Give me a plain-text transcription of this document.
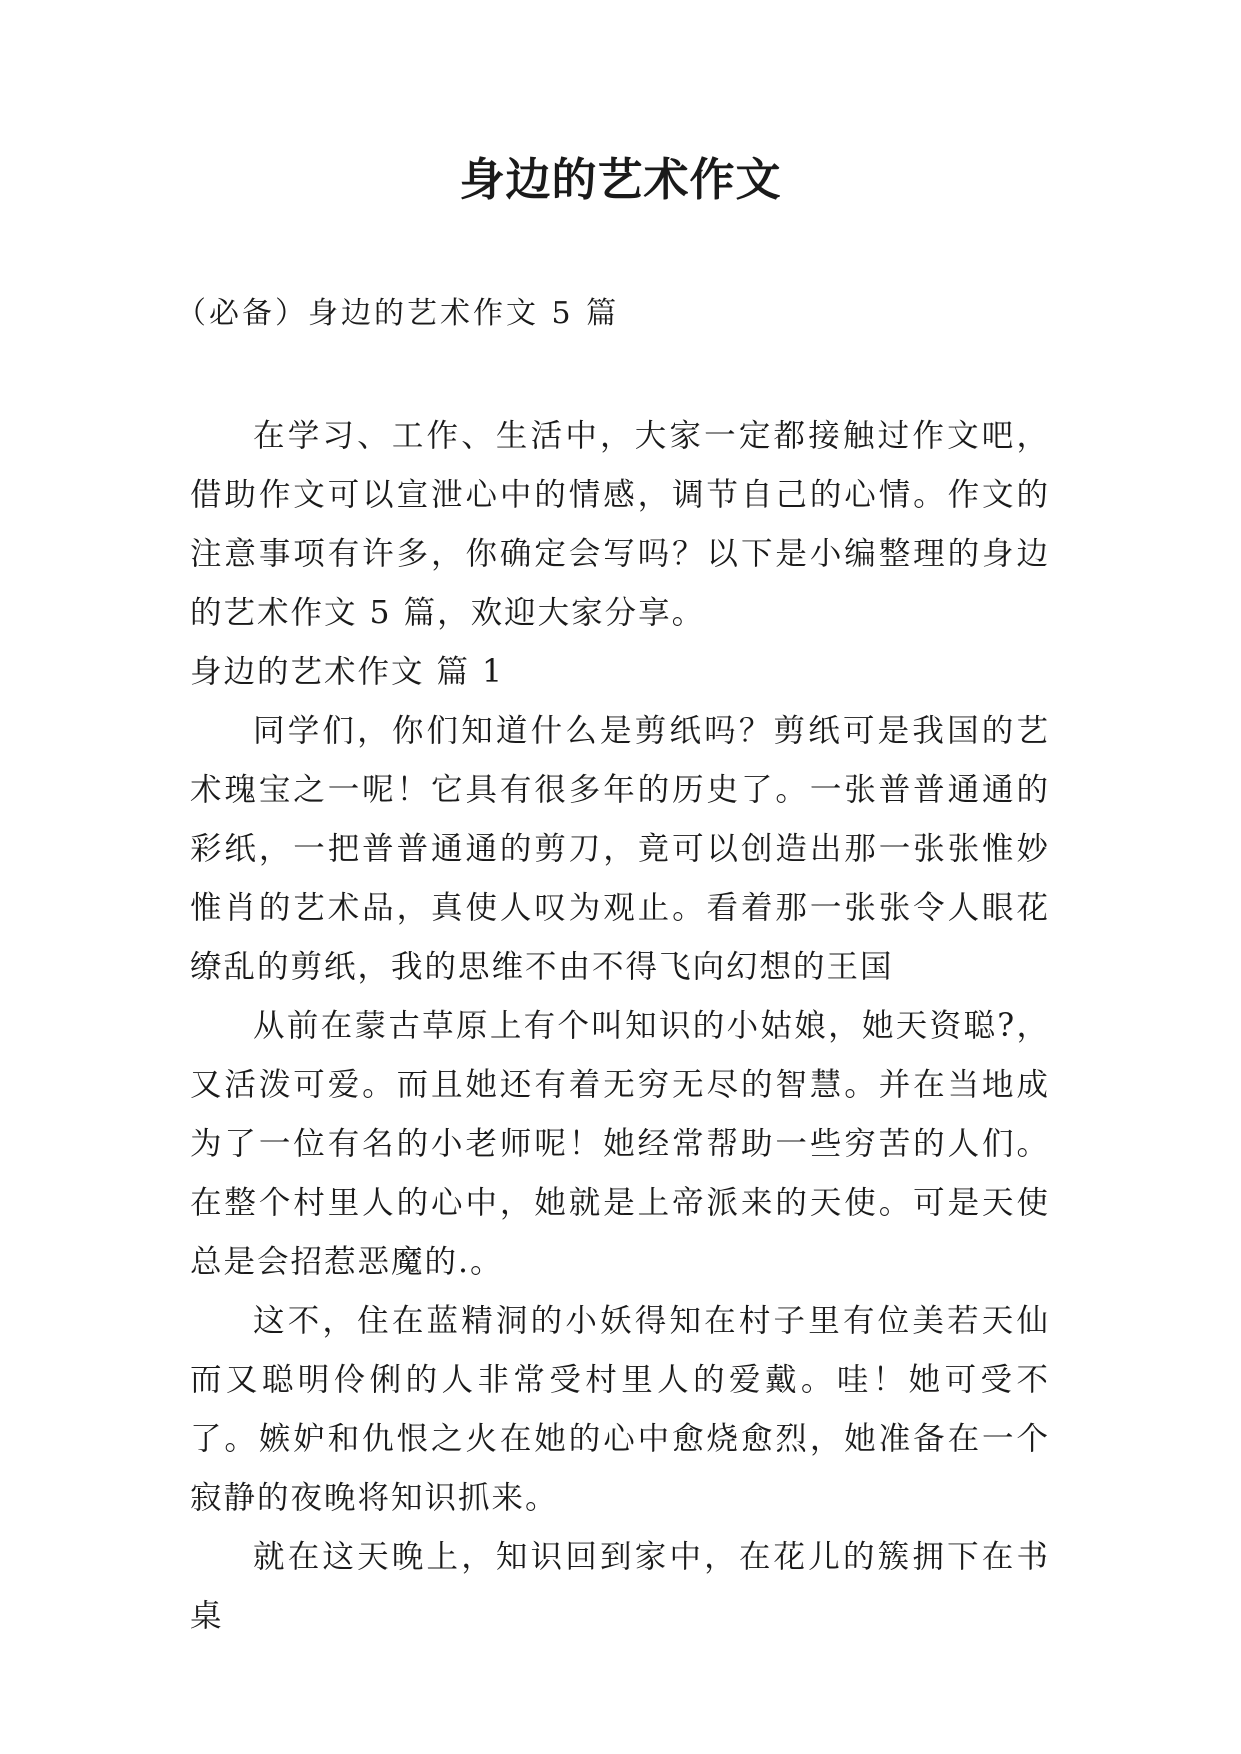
身边的艺术作文

（必备）身边的艺术作文 5 篇

在学习、工作、生活中，大家一定都接触过作文吧，借助作文可以宣泄心中的情感，调节自己的心情。作文的注意事项有许多，你确定会写吗？以下是小编整理的身边的艺术作文 5 篇，欢迎大家分享。

身边的艺术作文 篇 1

同学们，你们知道什么是剪纸吗？剪纸可是我国的艺术瑰宝之一呢！它具有很多年的历史了。一张普普通通的彩纸，一把普普通通的剪刀，竟可以创造出那一张张惟妙惟肖的艺术品，真使人叹为观止。看着那一张张令人眼花缭乱的剪纸，我的思维不由不得飞向幻想的王国

从前在蒙古草原上有个叫知识的小姑娘，她天资聪?，又活泼可爱。而且她还有着无穷无尽的智慧。并在当地成为了一位有名的小老师呢！她经常帮助一些穷苦的人们。在整个村里人的心中，她就是上帝派来的天使。可是天使总是会招惹恶魔的.。

这不，住在蓝精洞的小妖得知在村子里有位美若天仙而又聪明伶俐的人非常受村里人的爱戴。哇！她可受不了。嫉妒和仇恨之火在她的心中愈烧愈烈，她准备在一个寂静的夜晚将知识抓来。

就在这天晚上，知识回到家中，在花儿的簇拥下在书桌
